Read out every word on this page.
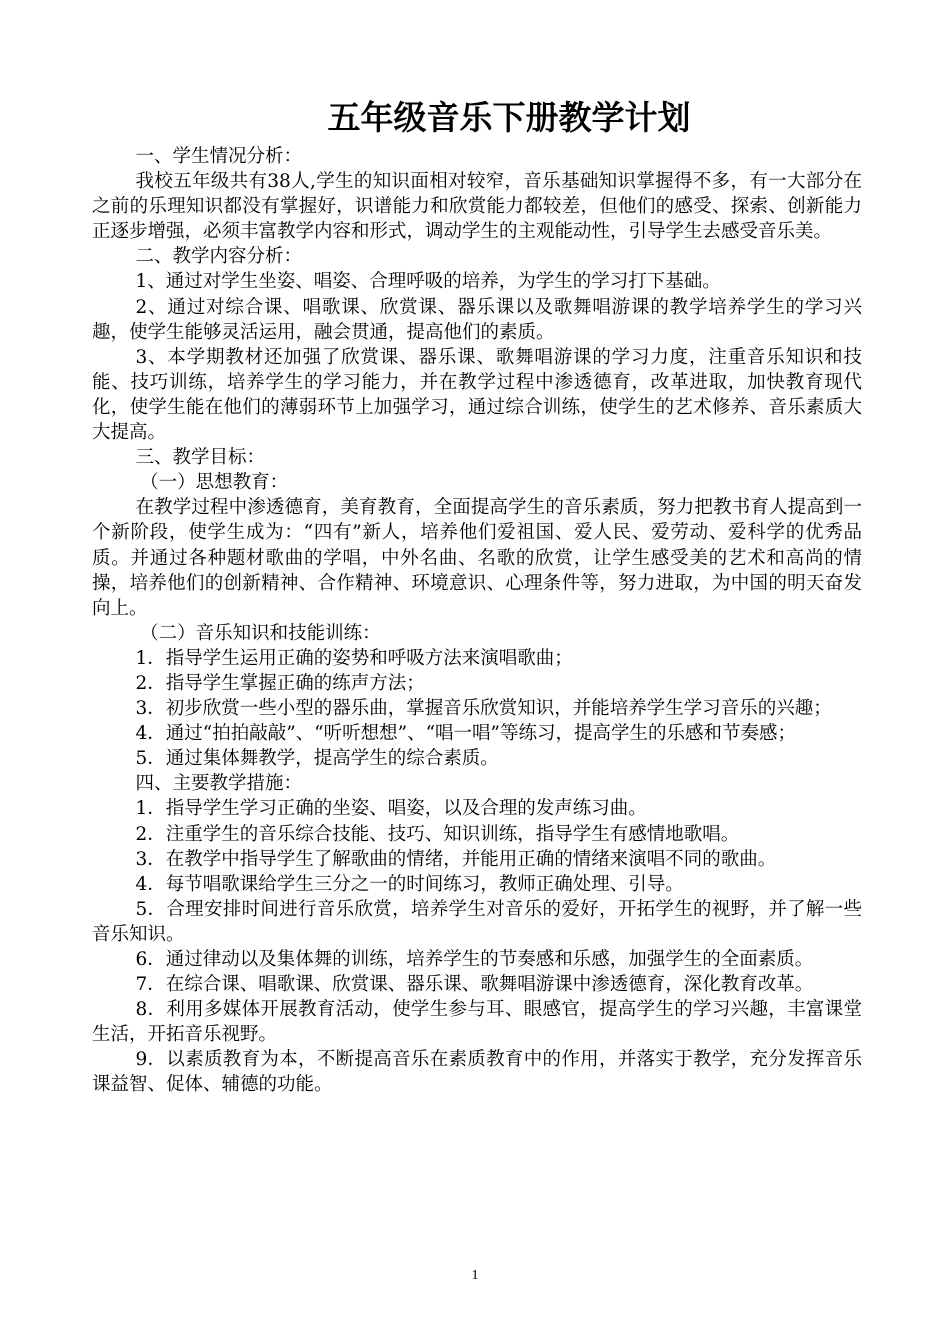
五年级音乐下册教学计划

一、学生情况分析：

我校五年级共有38人,学生的知识面相对较窄，音乐基础知识掌握得不多，有一大部分在之前的乐理知识都没有掌握好，识谱能力和欣赏能力都较差，但他们的感受、探索、创新能力正逐步增强，必须丰富教学内容和形式，调动学生的主观能动性，引导学生去感受音乐美。

二、教学内容分析：

1、通过对学生坐姿、唱姿、合理呼吸的培养，为学生的学习打下基础。

2、通过对综合课、唱歌课、欣赏课、器乐课以及歌舞唱游课的教学培养学生的学习兴趣，使学生能够灵活运用，融会贯通，提高他们的素质。

3、本学期教材还加强了欣赏课、器乐课、歌舞唱游课的学习力度，注重音乐知识和技能、技巧训练，培养学生的学习能力，并在教学过程中渗透德育，改革进取，加快教育现代化，使学生能在他们的薄弱环节上加强学习，通过综合训练，使学生的艺术修养、音乐素质大大提高。

三、教学目标：

（一）思想教育：

在教学过程中渗透德育，美育教育，全面提高学生的音乐素质，努力把教书育人提高到一个新阶段，使学生成为：“四有”新人，培养他们爱祖国、爱人民、爱劳动、爱科学的优秀品质。并通过各种题材歌曲的学唱，中外名曲、名歌的欣赏，让学生感受美的艺术和高尚的情操，培养他们的创新精神、合作精神、环境意识、心理条件等，努力进取，为中国的明天奋发向上。

（二）音乐知识和技能训练：

1．指导学生运用正确的姿势和呼吸方法来演唱歌曲；

2．指导学生掌握正确的练声方法；

3．初步欣赏一些小型的器乐曲，掌握音乐欣赏知识，并能培养学生学习音乐的兴趣；

4．通过“拍拍敲敲”、“听听想想”、“唱一唱”等练习，提高学生的乐感和节奏感；

5．通过集体舞教学，提高学生的综合素质。

四、主要教学措施：

1．指导学生学习正确的坐姿、唱姿，以及合理的发声练习曲。

2．注重学生的音乐综合技能、技巧、知识训练，指导学生有感情地歌唱。

3．在教学中指导学生了解歌曲的情绪，并能用正确的情绪来演唱不同的歌曲。

4．每节唱歌课给学生三分之一的时间练习，教师正确处理、引导。

5．合理安排时间进行音乐欣赏，培养学生对音乐的爱好，开拓学生的视野，并了解一些音乐知识。

6．通过律动以及集体舞的训练，培养学生的节奏感和乐感，加强学生的全面素质。

7．在综合课、唱歌课、欣赏课、器乐课、歌舞唱游课中渗透德育，深化教育改革。

8．利用多媒体开展教育活动，使学生参与耳、眼感官，提高学生的学习兴趣，丰富课堂生活，开拓音乐视野。

9．以素质教育为本，不断提高音乐在素质教育中的作用，并落实于教学，充分发挥音乐课益智、促体、辅德的功能。

1
